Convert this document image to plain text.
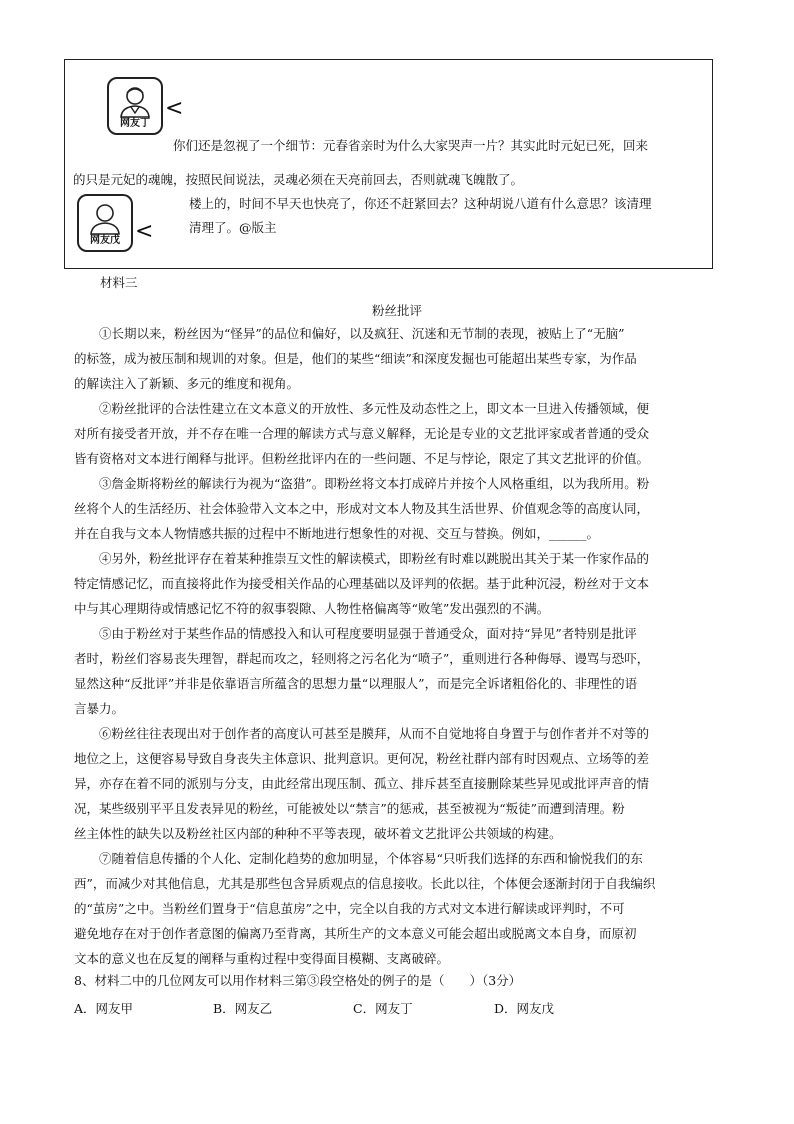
网友丁
<
你们还是忽视了一个细节：元春省亲时为什么大家哭声一片？其实此时元妃已死，回来
的只是元妃的魂魄，按照民间说法，灵魂必须在天亮前回去，否则就魂飞魄散了。
网友戊 <
楼上的，时间不早天也快亮了，你还不赶紧回去？这种胡说八道有什么意思？该清理
清理了。@版主
材料三
粉丝批评
①长期以来，粉丝因为“怪异”的品位和偏好，以及疯狂、沉迷和无节制的表现，被贴上了“无脑”
的标签，成为被压制和规训的对象。但是，他们的某些“细读”和深度发掘也可能超出某些专家，为作品
的解读注入了新颖、多元的维度和视角。
②粉丝批评的合法性建立在文本意义的开放性、多元性及动态性之上，即文本一旦进入传播领域，便
对所有接受者开放，并不存在唯一合理的解读方式与意义解释，无论是专业的文艺批评家或者普通的受众
皆有资格对文本进行阐释与批评。但粉丝批评内在的一些问题、不足与悖论，限定了其文艺批评的价值。
③詹金斯将粉丝的解读行为视为“盗猎”。即粉丝将文本打成碎片并按个人风格重组，以为我所用。粉
丝将个人的生活经历、社会体验带入文本之中，形成对文本人物及其生活世界、价值观念等的高度认同，
并在自我与文本人物情感共振的过程中不断地进行想象性的对视、交互与替换。例如，______。
④另外，粉丝批评存在着某种推崇互文性的解读模式，即粉丝有时难以跳脱出其关于某一作家作品的
特定情感记忆，而直接将此作为接受相关作品的心理基础以及评判的依据。基于此种沉浸，粉丝对于文本
中与其心理期待或情感记忆不符的叙事裂隙、人物性格偏离等“败笔”发出强烈的不满。
⑤由于粉丝对于某些作品的情感投入和认可程度要明显强于普通受众，面对持“异见”者特别是批评
者时，粉丝们容易丧失理智，群起而攻之，轻则将之污名化为“喷子”，重则进行各种侮辱、谩骂与恐吓，
显然这种“反批评”并非是依靠语言所蕴含的思想力量“以理服人”，而是完全诉诸粗俗化的、非理性的语
言暴力。
⑥粉丝往往表现出对于创作者的高度认可甚至是膜拜，从而不自觉地将自身置于与创作者并不对等的
地位之上，这便容易导致自身丧失主体意识、批判意识。更何况，粉丝社群内部有时因观点、立场等的差
异，亦存在着不同的派别与分支，由此经常出现压制、孤立、排斥甚至直接删除某些异见或批评声音的情
况，某些级别平平且发表异见的粉丝，可能被处以“禁言”的惩戒，甚至被视为“叛徒”而遭到清理。粉
丝主体性的缺失以及粉丝社区内部的种种不平等表现，破坏着文艺批评公共领域的构建。
⑦随着信息传播的个人化、定制化趋势的愈加明显，个体容易“只听我们选择的东西和愉悦我们的东
西”，而减少对其他信息，尤其是那些包含异质观点的信息接收。长此以往，个体便会逐渐封闭于自我编织
的“茧房”之中。当粉丝们置身于“信息茧房”之中，完全以自我的方式对文本进行解读或评判时，不可
避免地存在对于创作者意图的偏离乃至背离，其所生产的文本意义可能会超出或脱离文本自身，而原初
文本的意义也在反复的阐释与重构过程中变得面目模糊、支离破碎。
8、材料二中的几位网友可以用作材料三第③段空格处的例子的是（　　）（3分）
A．网友甲	B．网友乙	C．网友丁	D．网友戊
